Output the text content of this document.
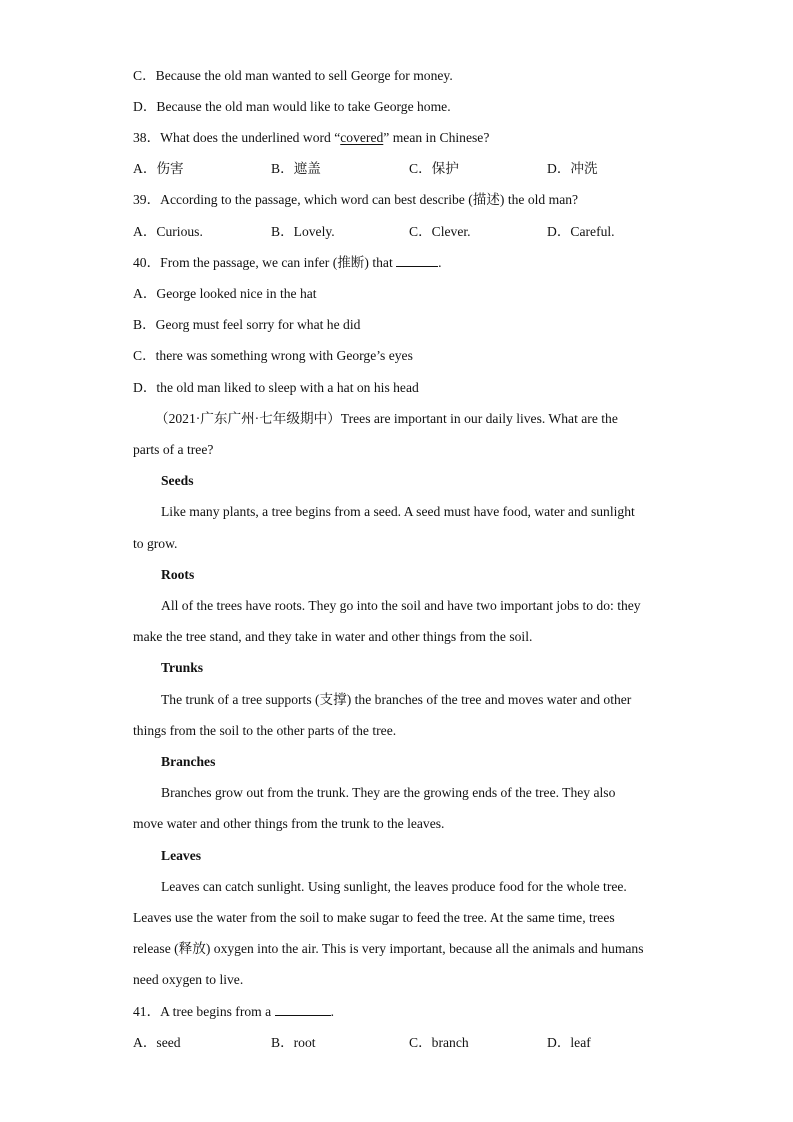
C．Because the old man wanted to sell George for money.
D．Because the old man would like to take George home.
38．What does the underlined word “covered” mean in Chinese?
A．伤害	B．遮盖	C．保护	D．冲洗
39．According to the passage, which word can best describe (描述) the old man?
A．Curious.	B．Lovely.	C．Clever.	D．Careful.
40．From the passage, we can infer (推断) that	.
A．George looked nice in the hat
B．Georg must feel sorry for what he did
C．there was something wrong with George’s eyes
D．the old man liked to sleep with a hat on his head
（2021·广东广州·七年级期中）Trees are important in our daily lives. What are the
parts of a tree?
Seeds
Like many plants, a tree begins from a seed. A seed must have food, water and sunlight
to grow.
Roots
All of the trees have roots. They go into the soil and have two important jobs to do: they
make the tree stand, and they take in water and other things from the soil.
Trunks
The trunk of a tree supports (支撑) the branches of the tree and moves water and other
things from the soil to the other parts of the tree.
Branches
Branches grow out from the trunk. They are the growing ends of the tree. They also
move water and other things from the trunk to the leaves.
Leaves
Leaves can catch sunlight. Using sunlight, the leaves produce food for the whole tree.
Leaves use the water from the soil to make sugar to feed the tree. At the same time, trees
release (释放) oxygen into the air. This is very important, because all the animals and humans
need oxygen to live.
41．A tree begins from a	.
A．seed	B．root	C．branch	D．leaf
